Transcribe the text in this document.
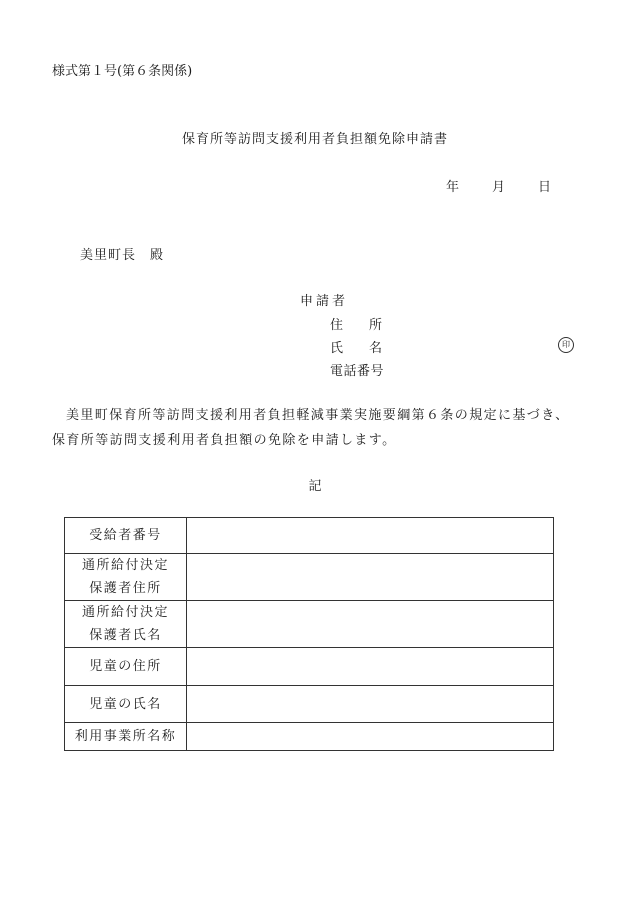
様式第１号(第６条関係)
保育所等訪問支援利用者負担額免除申請書
年	月	日
美里町長　殿
申請者
住　　所
氏　　名	印
電話番号
美里町保育所等訪問支援利用者負担軽減事業実施要綱第６条の規定に基づき、保育所等訪問支援利用者負担額の免除を申請します。
記
受給者番号	

通所給付決定
保護者住所	

通所給付決定
保護者氏名	

児童の住所	

児童の氏名	

利用事業所名称	
